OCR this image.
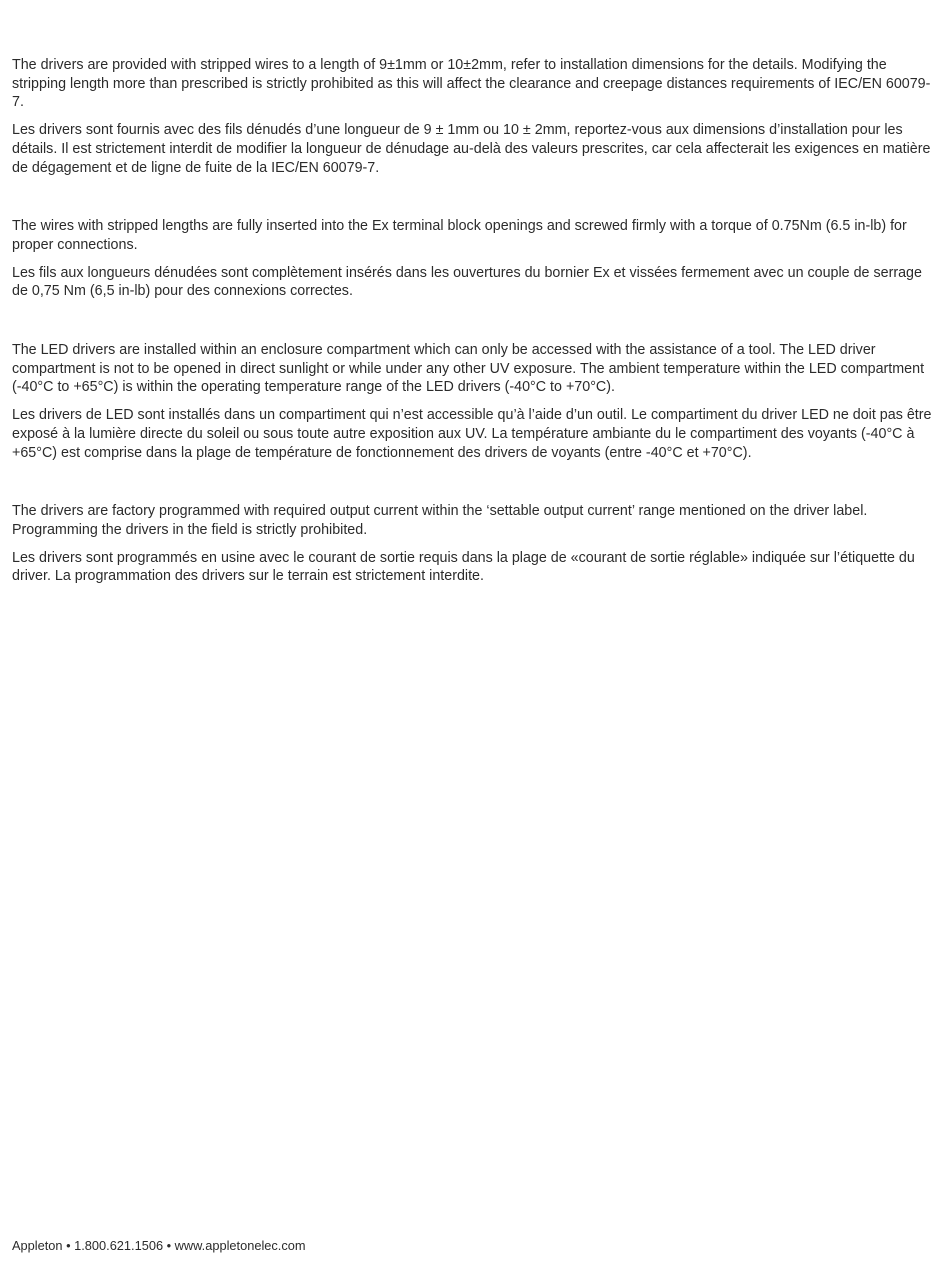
The drivers are provided with stripped wires to a length of 9±1mm or 10±2mm, refer to installation dimensions for the details. Modifying the stripping length more than prescribed is strictly prohibited as this will affect the clearance and creepage distances requirements of IEC/EN 60079-7.

Les drivers sont fournis avec des fils dénudés d’une longueur de 9 ± 1mm ou 10 ± 2mm, reportez-vous aux dimensions d’installation pour les détails. Il est strictement interdit de modifier la longueur de dénudage au-delà des valeurs prescrites, car cela affecterait les exigences en matière de dégagement et de ligne de fuite de la IEC/EN 60079-7.

The wires with stripped lengths are fully inserted into the Ex terminal block openings and screwed firmly with a torque of 0.75Nm (6.5 in-lb) for proper connections.

Les fils aux longueurs dénudées sont complètement insérés dans les ouvertures du bornier Ex et vissées fermement avec un couple de serrage de 0,75 Nm (6,5 in-lb) pour des connexions correctes.

The LED drivers are installed within an enclosure compartment which can only be accessed with the assistance of a tool. The LED driver compartment is not to be opened in direct sunlight or while under any other UV exposure. The ambient temperature within the LED compartment (-40°C to +65°C) is within the operating temperature range of the LED drivers (-40°C to +70°C).

Les drivers de LED sont installés dans un compartiment qui n’est accessible qu’à l’aide d’un outil. Le compartiment du driver LED ne doit pas être exposé à la lumière directe du soleil ou sous toute autre exposition aux UV. La température ambiante du le compartiment des voyants (-40°C à +65°C) est comprise dans la plage de température de fonctionnement des drivers de voyants (entre -40°C et +70°C).

The drivers are factory programmed with required output current within the ‘settable output current’ range mentioned on the driver label. Programming the drivers in the field is strictly prohibited.

Les drivers sont programmés en usine avec le courant de sortie requis dans la plage de «courant de sortie réglable» indiquée sur l’étiquette du driver. La programmation des drivers sur le terrain est strictement interdite.

Appleton • 1.800.621.1506 • www.appletonelec.com
